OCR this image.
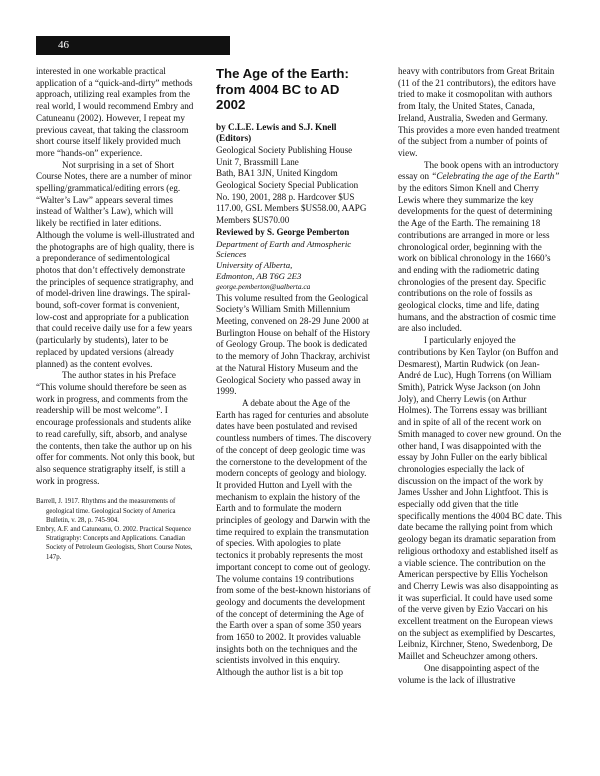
46

interested in one workable practical application of a “quick-and-dirty” methods approach, utilizing real examples from the real world, I would recommend Embry and Catuneanu (2002). However, I repeat my previous caveat, that taking the classroom short course itself likely provided much more “hands-on” experience.

Not surprising in a set of Short Course Notes, there are a number of minor spelling/grammatical/editing errors (eg. “Walter’s Law” appears several times instead of Walther’s Law), which will likely be rectified in later editions. Although the volume is well-illustrated and the photographs are of high quality, there is a preponderance of sedimentological photos that don’t effectively demonstrate the principles of sequence stratigraphy, and of model-driven line drawings. The spiral-bound, soft-cover format is convenient, low-cost and appropriate for a publication that could receive daily use for a few years (particularly by students), later to be replaced by updated versions (already planned) as the content evolves.

The author states in his Preface “This volume should therefore be seen as work in progress, and comments from the readership will be most welcome”. I encourage professionals and students alike to read carefully, sift, absorb, and analyse the contents, then take the author up on his offer for comments. Not only this book, but also sequence stratigraphy itself, is still a work in progress.

Barrell, J. 1917. Rhythms and the measurements of geological time. Geological Society of America Bulletin, v. 28, p. 745-904.

Embry, A.F. and Catuneanu, O. 2002. Practical Sequence Stratigraphy: Concepts and Applications. Canadian Society of Petroleum Geologists, Short Course Notes, 147p.

The Age of the Earth: from 4004 BC to AD 2002

by C.L.E. Lewis and S.J. Knell (Editors)

Geological Society Publishing House

Unit 7, Brassmill Lane

Bath, BA1 3JN, United Kingdom

Geological Society Special Publication No. 190, 2001, 288 p. Hardcover $US 117.00, GSL Members $US58.00, AAPG Members $US70.00

Reviewed by S. George Pemberton

Department of Earth and Atmospheric Sciences

University of Alberta,

Edmonton, AB T6G 2E3

george.pemberton@ualberta.ca

This volume resulted from the Geological Society’s William Smith Millennium Meeting, convened on 28-29 June 2000 at Burlington House on behalf of the History of Geology Group. The book is dedicated to the memory of John Thackray, archivist at the Natural History Museum and the Geological Society who passed away in 1999.

A debate about the Age of the Earth has raged for centuries and absolute dates have been postulated and revised countless numbers of times. The discovery of the concept of deep geologic time was the cornerstone to the development of the modern concepts of geology and biology. It provided Hutton and Lyell with the mechanism to explain the history of the Earth and to formulate the modern principles of geology and Darwin with the time required to explain the transmutation of species. With apologies to plate tectonics it probably represents the most important concept to come out of geology. The volume contains 19 contributions from some of the best-known historians of geology and documents the development of the concept of determining the Age of the Earth over a span of some 350 years from 1650 to 2002. It provides valuable insights both on the techniques and the scientists involved in this enquiry. Although the author list is a bit top

heavy with contributors from Great Britain (11 of the 21 contributors), the editors have tried to make it cosmopolitan with authors from Italy, the United States, Canada, Ireland, Australia, Sweden and Germany. This provides a more even handed treatment of the subject from a number of points of view.

The book opens with an introductory essay on “Celebrating the age of the Earth” by the editors Simon Knell and Cherry Lewis where they summarize the key developments for the quest of determining the Age of the Earth. The remaining 18 contributions are arranged in more or less chronological order, beginning with the work on biblical chronology in the 1660’s and ending with the radiometric dating chronologies of the present day. Specific contributions on the role of fossils as geological clocks, time and life, dating humans, and the abstraction of cosmic time are also included.

I particularly enjoyed the contributions by Ken Taylor (on Buffon and Desmarest), Martin Rudwick (on Jean-André de Luc), Hugh Torrens (on William Smith), Patrick Wyse Jackson (on John Joly), and Cherry Lewis (on Arthur Holmes). The Torrens essay was brilliant and in spite of all of the recent work on Smith managed to cover new ground. On the other hand, I was disappointed with the essay by John Fuller on the early biblical chronologies especially the lack of discussion on the impact of the work by James Ussher and John Lightfoot. This is especially odd given that the title specifically mentions the 4004 BC date. This date became the rallying point from which geology began its dramatic separation from religious orthodoxy and established itself as a viable science. The contribution on the American perspective by Ellis Yochelson and Cherry Lewis was also disappointing as it was superficial. It could have used some of the verve given by Ezio Vaccari on his excellent treatment on the European views on the subject as exemplified by Descartes, Leibniz, Kirchner, Steno, Swedenborg, De Maillet and Scheuchzer among others.

One disappointing aspect of the volume is the lack of illustrative
